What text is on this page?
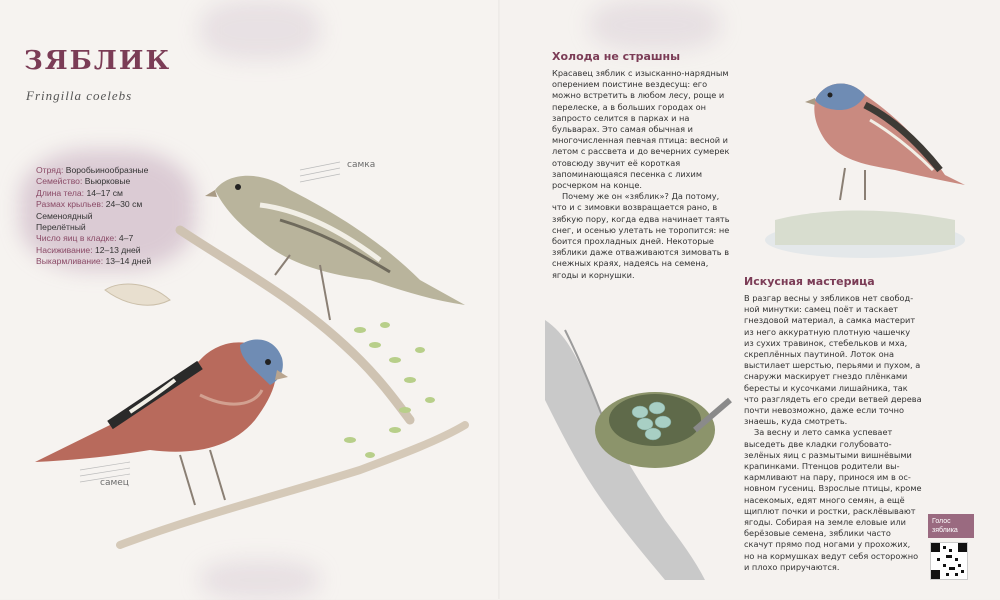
ЗЯБЛИК
Fringilla coelebs
Отряд: Воробьинообразные
Семейство: Вьюрковые
Длина тела: 14–17 см
Размах крыльев: 24–30 см
Семеноядный
Перелётный
Число яиц в кладке: 4–7
Насиживание: 12–13 дней
Выкармливание: 13–14 дней
самка
самец
Холода не страшны

Красавец зяблик с изысканно-нарядным оперением поистине вездесущ: его можно встретить в любом лесу, роще и перелеске, а в больших городах он запросто селится в парках и на бульварах. Это самая обычная и многочисленная певчая птица: весной и летом с рассвета и до вечерних сумерек отовсюду звучит её короткая запоминающаяся песенка с лихим росчерком на конце.

Почему же он «зяблик»? Да потому, что и с зимовки возвращается рано, в зябкую пору, когда едва начинает таять снег, и осенью улетать не торопится: не боится прохладных дней. Некоторые зяблики даже отваживаются зимовать в снежных краях, надеясь на семена, ягоды и корнушки.

Искусная мастерица

В разгар весны у зябликов нет свободной минутки: самец поёт и таскает гнездовой материал, а самка мастерит из него аккуратную плотную чашечку из сухих травинок, стебельков и мха, скреплённых паутиной. Лоток она выстилает шерстью, перьями и пухом, а снаружи маскирует гнездо плёнками бересты и кусочками лишайника, так что разглядеть его среди ветвей дерева почти невозможно, даже если точно знаешь, куда смотреть.

За весну и лето самка успевает выседеть две кладки голубовато-зелёных яиц с размытыми вишнёвыми крапинками. Птенцов родители выкармливают на пару, принося им в основном гусениц. Взрослые птицы, кроме насекомых, едят много семян, а ещё щиплют почки и ростки, расклёвывают ягоды. Собирая на земле еловые или берёзовые семена, зяблики часто скачут прямо под ногами у прохожих, но на кормушках ведут себя осторожно и плохо приручаются.

Голос зяблика
